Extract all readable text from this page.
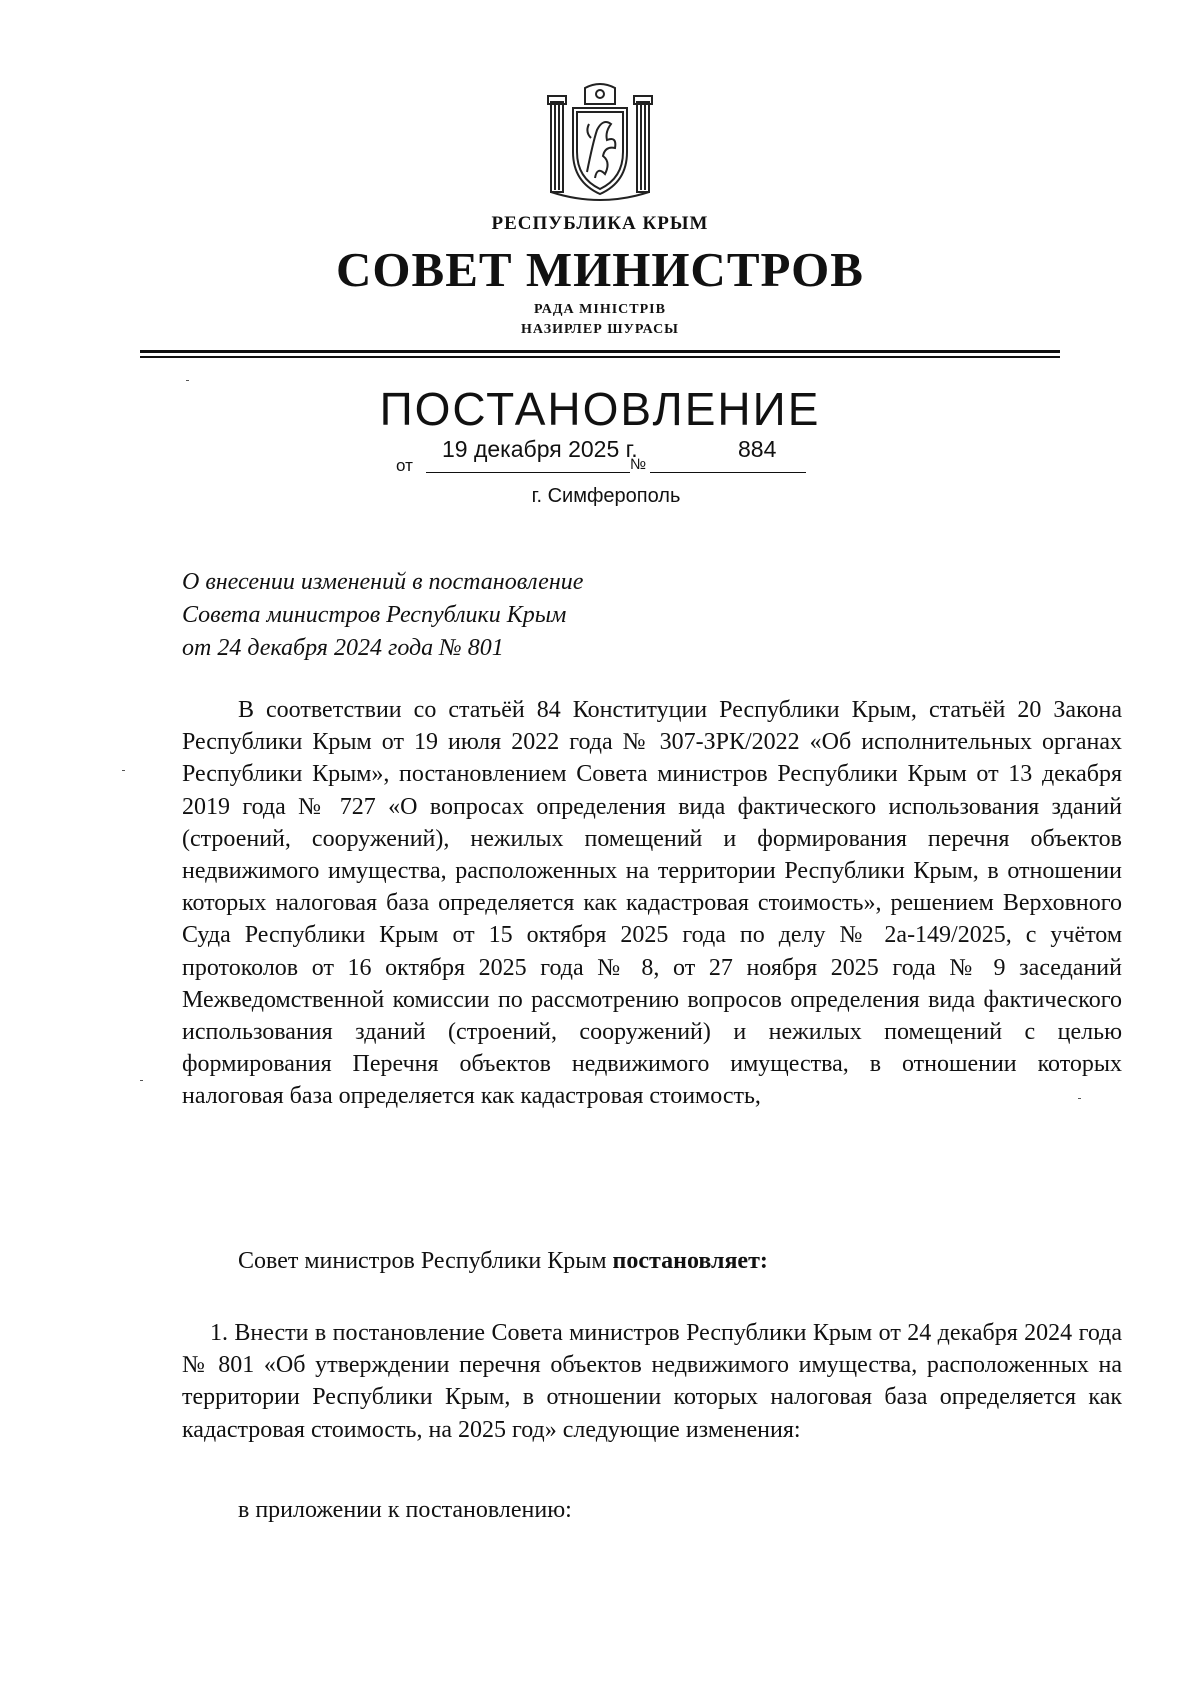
РЕСПУБЛИКА КРЫМ
СОВЕТ МИНИСТРОВ
РАДА МІНІСТРІВ
НАЗИРЛЕР ШУРАСЫ
ПОСТАНОВЛЕНИЕ
от
19 декабря 2025 г.
№
884
г. Симферополь
О внесении изменений в постановление
Совета министров Республики Крым
от 24 декабря 2024 года № 801

В соответствии со статьёй 84 Конституции Республики Крым, статьёй 20 Закона Республики Крым от 19 июля 2022 года № 307-ЗРК/2022 «Об исполнительных органах Республики Крым», постановлением Совета министров Республики Крым от 13 декабря 2019 года № 727 «О вопросах определения вида фактического использования зданий (строений, сооружений), нежилых помещений и формирования перечня объектов недвижимого имущества, расположенных на территории Республики Крым, в отношении которых налоговая база определяется как кадастровая стоимость», решением Верховного Суда Республики Крым от 15 октября 2025 года по делу № 2а-149/2025, с учётом протоколов от 16 октября 2025 года № 8, от 27 ноября 2025 года № 9 заседаний Межведомственной комиссии по рассмотрению вопросов определения вида фактического использования зданий (строений, сооружений) и нежилых помещений с целью формирования Перечня объектов недвижимого имущества, в отношении которых налоговая база определяется как кадастровая стоимость,

Совет министров Республики Крым постановляет:

1. Внести в постановление Совета министров Республики Крым от 24 декабря 2024 года № 801 «Об утверждении перечня объектов недвижимого имущества, расположенных на территории Республики Крым, в отношении которых налоговая база определяется как кадастровая стоимость, на 2025 год» следующие изменения:

в приложении к постановлению:
